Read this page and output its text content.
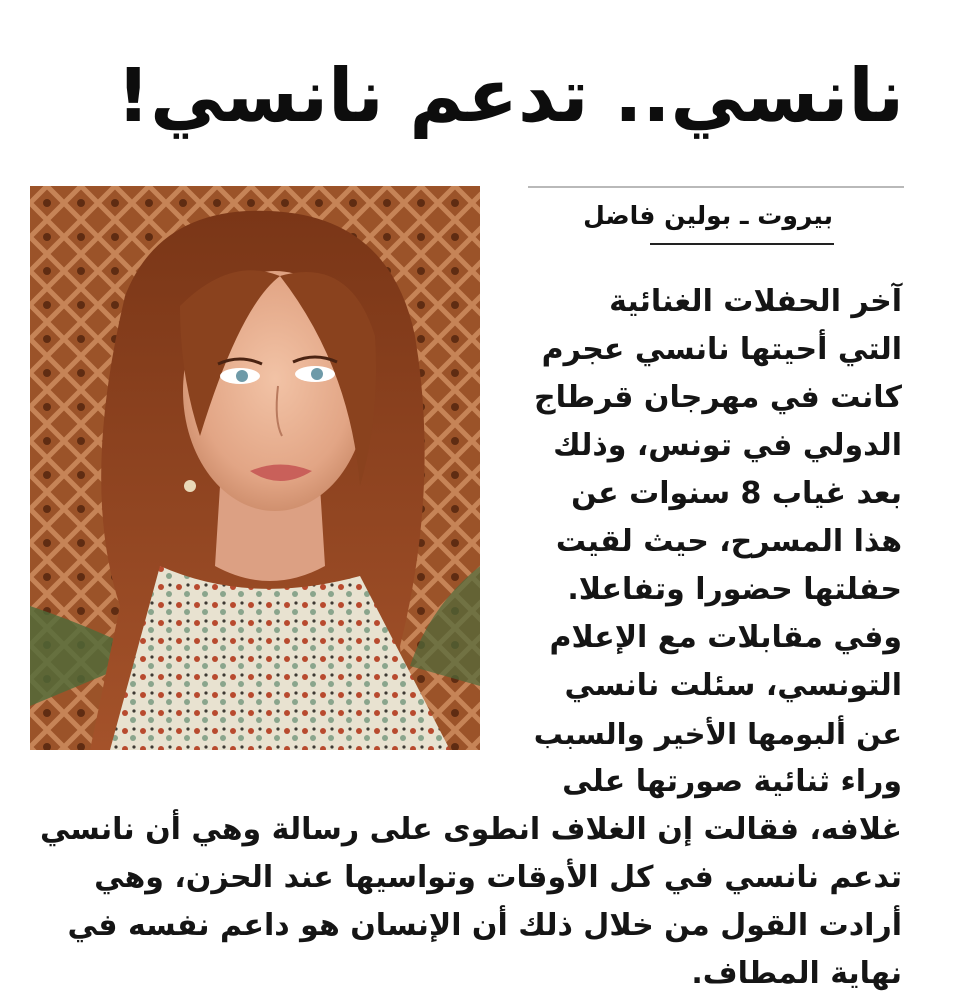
نانسي.. تدعم نانسي!
بيروت ـ بولين فاضل
آخر الحفلات الغنائية
التي أحيتها نانسي عجرم
كانت في مهرجان قرطاج
الدولي في تونس، وذلك
بعد غياب 8 سنوات عن
هذا المسرح، حيث لقيت
حفلتها حضورا وتفاعلا.
وفي مقابلات مع الإعلام
التونسي، سئلت نانسي
عن ألبومها الأخير والسبب
وراء ثنائية صورتها على
غلافه، فقالت إن الغلاف انطوى على رسالة وهي أن نانسي
تدعم نانسي في كل الأوقات وتواسيها عند الحزن، وهي
أرادت القول من خلال ذلك أن الإنسان هو داعم نفسه في
نهاية المطاف.
